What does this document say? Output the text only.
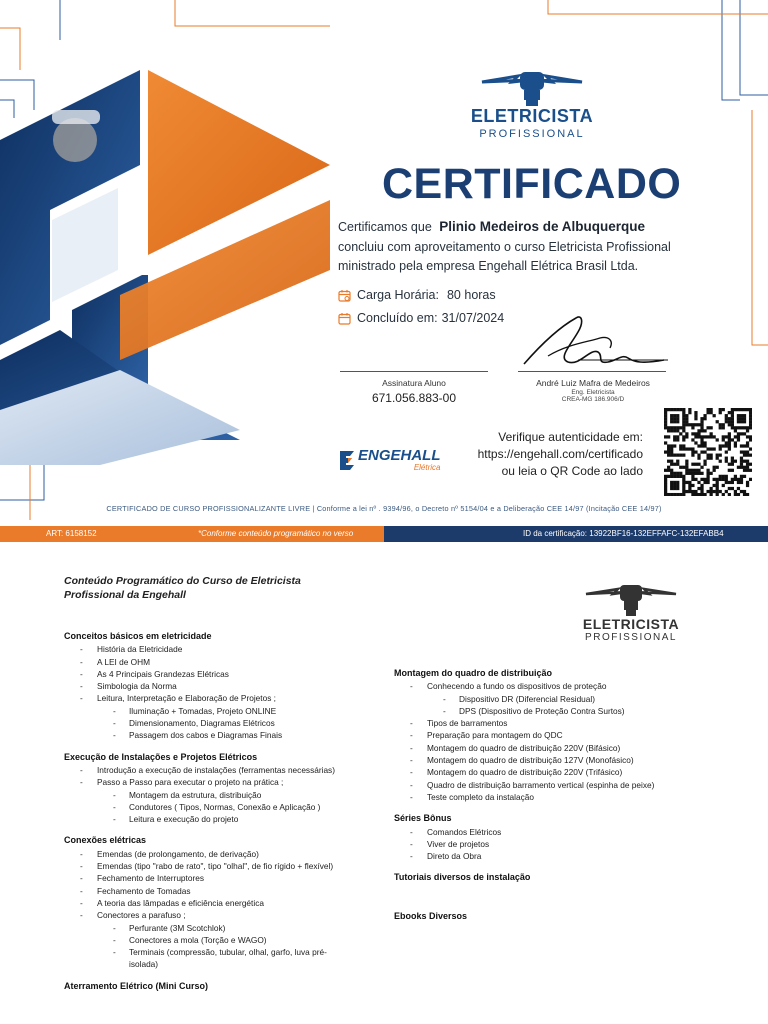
ELETRICISTA
PROFISSIONAL
CERTIFICADO
Certificamos que Plinio Medeiros de Albuquerque
concluiu com aproveitamento o curso Eletricista Profissional
ministrado pela empresa Engehall Elétrica Brasil Ltda.
Carga Horária: 80 horas
Concluído em: 31/07/2024
Assinatura Aluno
671.056.883-00
André Luiz Mafra de Medeiros
Eng. Eletricista
CREA-MG 186.906/D
ENGEHALL
Elétrica
Verifique autenticidade em:
https://engehall.com/certificado
ou leia o QR Code ao lado
CERTIFICADO DE CURSO PROFISSIONALIZANTE LIVRE | Conforme a lei nº . 9394/96, o Decreto nº 5154/04 e a Deliberação CEE 14/97 (Incitação CEE 14/97)
ART: 6158152	*Conforme conteúdo programático no verso	ID da certificação: 13922BF16-132EFFAFC-132EFABB4
Conteúdo Programático do Curso de Eletricista
Profissional da Engehall
ELETRICISTA
PROFISSIONAL
Conceitos básicos em eletricidade
- História da Eletricidade
- A LEI de OHM
- As 4 Principais Grandezas Elétricas
- Simbologia da Norma
- Leitura, Interpretação e Elaboração de Projetos ;
- Iluminação + Tomadas, Projeto ONLINE
- Dimensionamento, Diagramas Elétricos
- Passagem dos cabos e Diagramas Finais
Execução de Instalações e Projetos Elétricos
- Introdução a execução de instalações (ferramentas necessárias)
- Passo a Passo para executar o projeto na prática ;
- Montagem da estrutura, distribuição
- Condutores ( Tipos, Normas, Conexão e Aplicação )
- Leitura e execução do projeto
Conexões elétricas
- Emendas (de prolongamento, de derivação)
- Emendas (tipo "rabo de rato", tipo "olhal", de fio rígido + flexível)
- Fechamento de Interruptores
- Fechamento de Tomadas
- A teoria das lâmpadas e eficiência energética
- Conectores a parafuso ;
- Perfurante (3M Scotchlok)
- Conectores a mola (Torção e WAGO)
- Terminais (compressão, tubular, olhal, garfo, luva pré-isolada)
Aterramento Elétrico (Mini Curso)
Montagem do quadro de distribuição
- Conhecendo a fundo os dispositivos de proteção
- Dispositivo DR (Diferencial Residual)
- DPS (Dispositivo de Proteção Contra Surtos)
- Tipos de barramentos
- Preparação para montagem do QDC
- Montagem do quadro de distribuição 220V (Bifásico)
- Montagem do quadro de distribuição 127V (Monofásico)
- Montagem do quadro de distribuição 220V (Trifásico)
- Quadro de distribuição barramento vertical (espinha de peixe)
- Teste completo da instalação
Séries Bônus
- Comandos Elétricos
- Viver de projetos
- Direto da Obra
Tutoriais diversos de instalação
Ebooks Diversos
